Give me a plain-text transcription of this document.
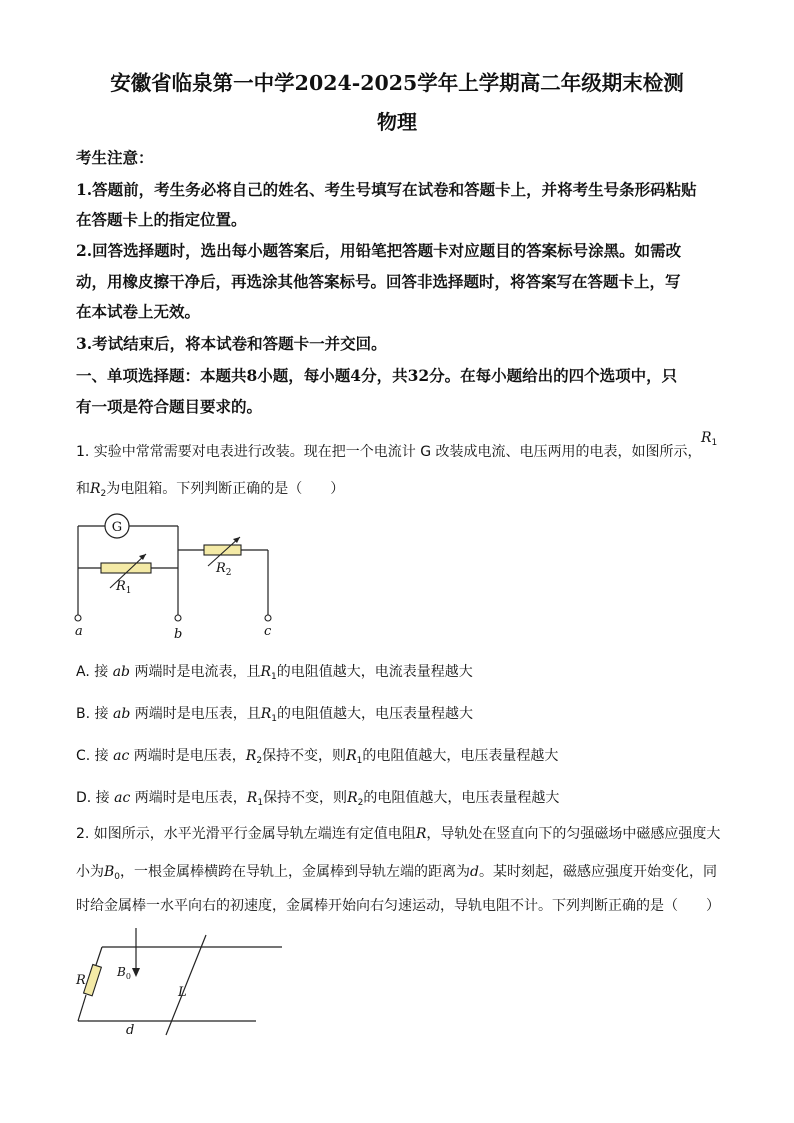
安徽省临泉第一中学2024-2025学年上学期高二年级期末检测

物理

考生注意：

1.答题前，考生务必将自己的姓名、考生号填写在试卷和答题卡上，并将考生号条形码粘贴

在答题卡上的指定位置。

2.回答选择题时，选出每小题答案后，用铅笔把答题卡对应题目的答案标号涂黑。如需改

动，用橡皮擦干净后，再选涂其他答案标号。回答非选择题时，将答案写在答题卡上，写

在本试卷上无效。

3.考试结束后，将本试卷和答题卡一并交回。

一、单项选择题：本题共8小题，每小题4分，共32分。在每小题给出的四个选项中，只

有一项是符合题目要求的。

1. 实验中常常需要对电表进行改装。现在把一个电流计 G 改装成电流、电压两用的电表，如图所示，

$R_1$

和$R_2$为电阻箱。下列判断正确的是（　　）

G
$R_1$
$R_2$
a	b	c

A. 接 ab 两端时是电流表，且$R_1$的电阻值越大，电流表量程越大

B. 接 ab 两端时是电压表，且$R_1$的电阻值越大，电压表量程越大

C. 接 ac 两端时是电压表，$R_2$保持不变，则$R_1$的电阻值越大，电压表量程越大

D. 接 ac 两端时是电压表，$R_1$保持不变，则$R_2$的电阻值越大，电压表量程越大

2. 如图所示，水平光滑平行金属导轨左端连有定值电阻R，导轨处在竖直向下的匀强磁场中磁感应强度大

小为$B_0$，一根金属棒横跨在导轨上，金属棒到导轨左端的距离为d。某时刻起，磁感应强度开始变化，同

时给金属棒一水平向右的初速度，金属棒开始向右匀速运动，导轨电阻不计。下列判断正确的是（　　）

R
$B_0$
L
d
